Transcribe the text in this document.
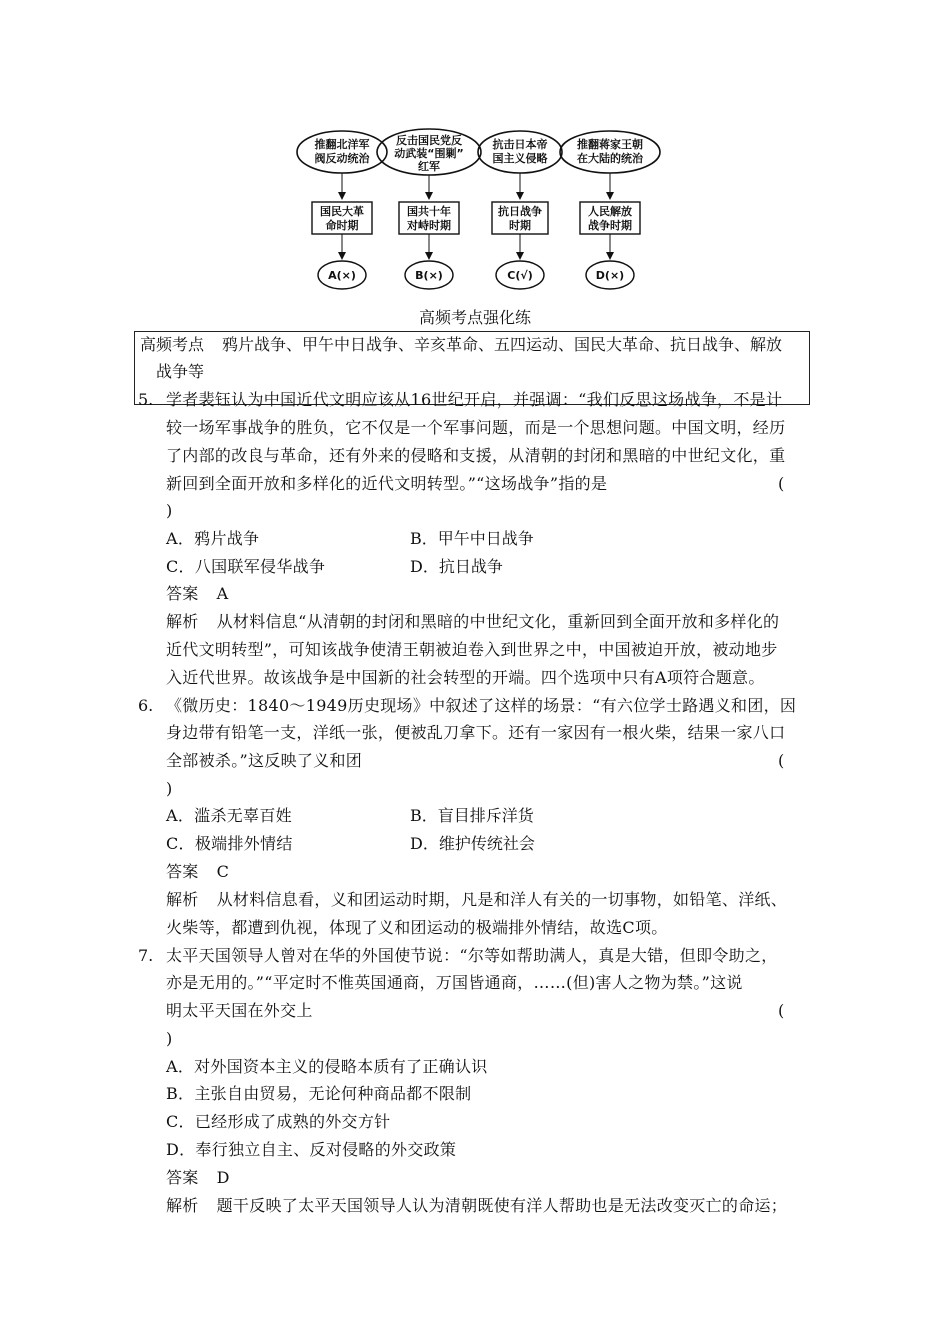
推翻北洋军
阀反动统治
国民大革
命时期
A(×)
反击国民党反
动武装“围剿”
红军
国共十年
对峙时期
B(×)
抗击日本帝
国主义侵略
抗日战争
时期
C(√)
推翻蒋家王朝
在大陆的统治
人民解放
战争时期
D(×)
高频考点强化练
高频考点 鸦片战争、甲午中日战争、辛亥革命、五四运动、国民大革命、抗日战争、解放
战争等
5. 学者裴钰认为中国近代文明应该从16世纪开启，并强调：“我们反思这场战争，不是计
较一场军事战争的胜负，它不仅是一个军事问题，而是一个思想问题。中国文明，经历
了内部的改良与革命，还有外来的侵略和支援，从清朝的封闭和黑暗的中世纪文化，重
新回到全面开放和多样化的近代文明转型。”“这场战争”指的是	(
)
A．鸦片战争	B．甲午中日战争
C．八国联军侵华战争	D．抗日战争
答案 A
解析 从材料信息“从清朝的封闭和黑暗的中世纪文化，重新回到全面开放和多样化的
近代文明转型”，可知该战争使清王朝被迫卷入到世界之中，中国被迫开放，被动地步
入近代世界。故该战争是中国新的社会转型的开端。四个选项中只有A项符合题意。
6. 《微历史：1840～1949历史现场》中叙述了这样的场景：“有六位学士路遇义和团，因
身边带有铅笔一支，洋纸一张，便被乱刀拿下。还有一家因有一根火柴，结果一家八口
全部被杀。”这反映了义和团	(
)
A．滥杀无辜百姓	B．盲目排斥洋货
C．极端排外情结	D．维护传统社会
答案 C
解析 从材料信息看，义和团运动时期，凡是和洋人有关的一切事物，如铅笔、洋纸、
火柴等，都遭到仇视，体现了义和团运动的极端排外情结，故选C项。
7. 太平天国领导人曾对在华的外国使节说：“尔等如帮助满人，真是大错，但即令助之，
亦是无用的。”“平定时不惟英国通商，万国皆通商，……(但)害人之物为禁。”这说
明太平天国在外交上	(
)
A．对外国资本主义的侵略本质有了正确认识
B．主张自由贸易，无论何种商品都不限制
C．已经形成了成熟的外交方针
D．奉行独立自主、反对侵略的外交政策
答案 D
解析 题干反映了太平天国领导人认为清朝既使有洋人帮助也是无法改变灭亡的命运；
